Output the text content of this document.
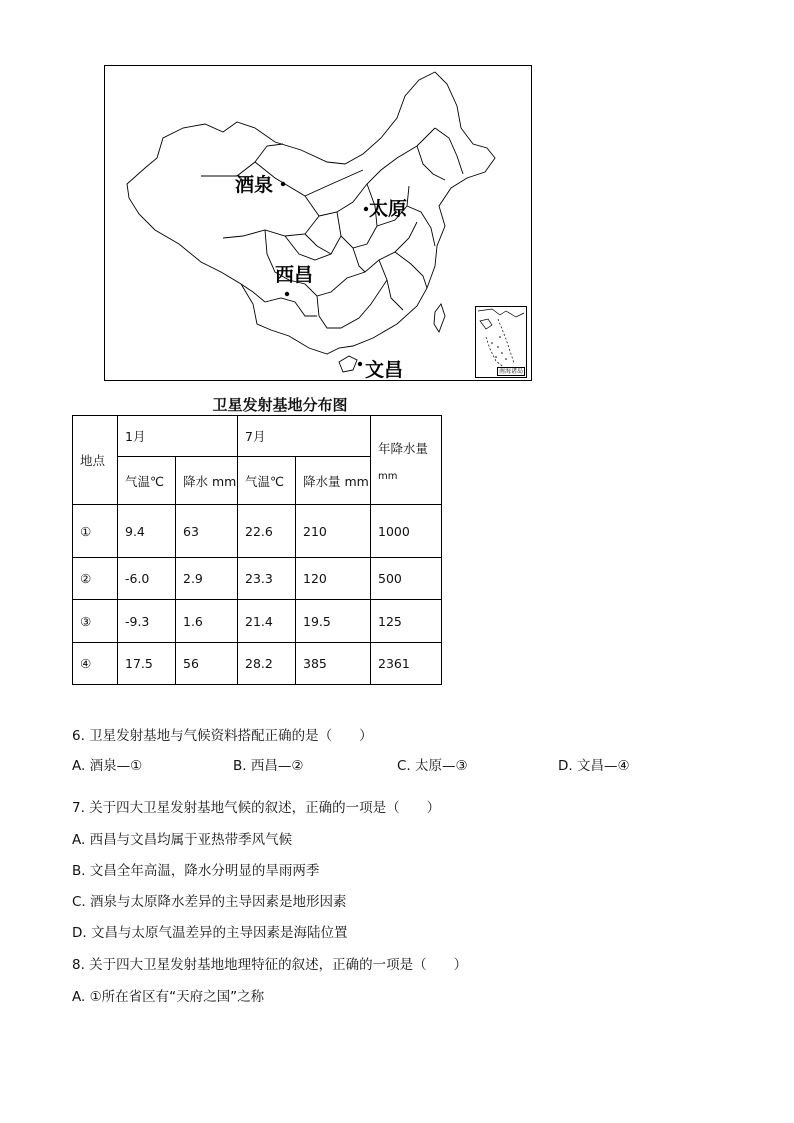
酒泉
太原
西昌
文昌	南海诸岛
卫星发射基地分布图
地点	1月		7月		年降水量
mm

	气温℃	降水 mm	气温℃	降水量 mm	
①	9.4	63	22.6	210	1000
②	-6.0	2.9	23.3	120	500
③	-9.3	1.6	21.4	19.5	125
④	17.5	56	28.2	385	2361
6. 卫星发射基地与气候资料搭配正确的是（　　）
A. 酒泉—①	B. 西昌—②	C. 太原—③	D. 文昌—④
7. 关于四大卫星发射基地气候的叙述，正确的一项是（　　）
A. 西昌与文昌均属于亚热带季风气候
B. 文昌全年高温，降水分明显的旱雨两季
C. 酒泉与太原降水差异的主导因素是地形因素
D. 文昌与太原气温差异的主导因素是海陆位置
8. 关于四大卫星发射基地地理特征的叙述，正确的一项是（　　）
A. ①所在省区有“天府之国”之称
